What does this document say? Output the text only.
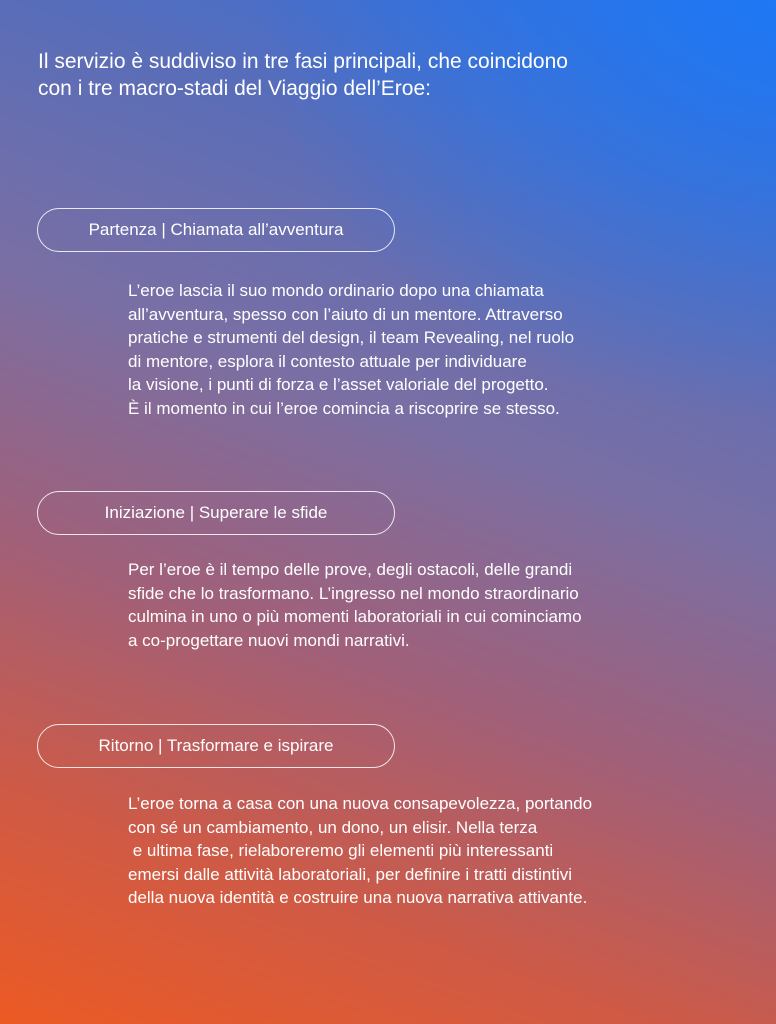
Il servizio è suddiviso in tre fasi principali, che coincidono
con i tre macro-stadi del Viaggio dell’Eroe:
Partenza | Chiamata all’avventura

L’eroe lascia il suo mondo ordinario dopo una chiamata
all’avventura, spesso con l’aiuto di un mentore. Attraverso
pratiche e strumenti del design, il team Revealing, nel ruolo
di mentore, esplora il contesto attuale per individuare
la visione, i punti di forza e l’asset valoriale del progetto.
È il momento in cui l’eroe comincia a riscoprire se stesso.

Iniziazione | Superare le sfide

Per l’eroe è il tempo delle prove, degli ostacoli, delle grandi
sfide che lo trasformano. L’ingresso nel mondo straordinario
culmina in uno o più momenti laboratoriali in cui cominciamo
a co-progettare nuovi mondi narrativi.

Ritorno | Trasformare e ispirare

L’eroe torna a casa con una nuova consapevolezza, portando
con sé un cambiamento, un dono, un elisir. Nella terza
e ultima fase, rielaboreremo gli elementi più interessanti
emersi dalle attività laboratoriali, per definire i tratti distintivi
della nuova identità e costruire una nuova narrativa attivante.
